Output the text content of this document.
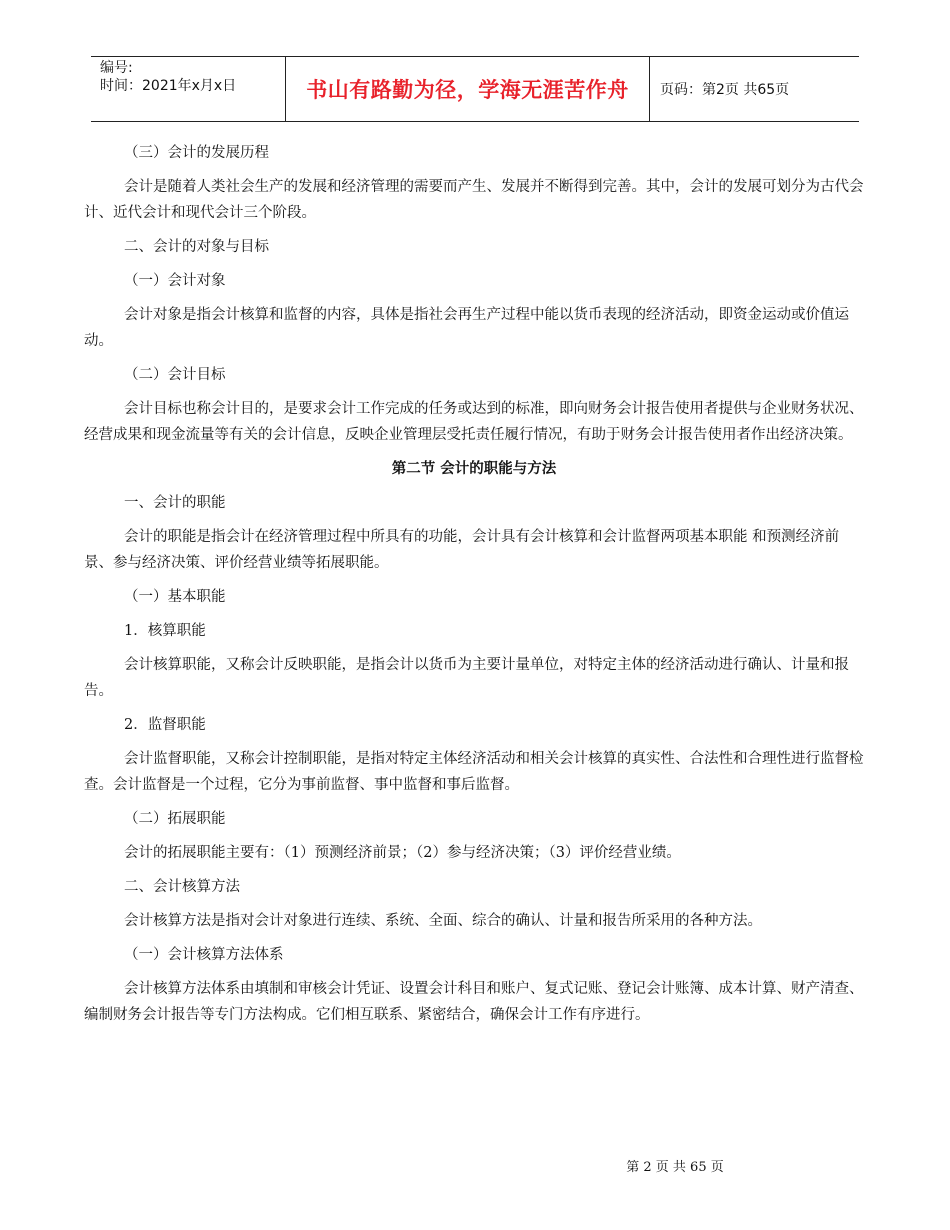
编号:
时间：2021年x月x日	书山有路勤为径，学海无涯苦作舟	页码：第2页 共65页
（三）会计的发展历程
会计是随着人类社会生产的发展和经济管理的需要而产生、发展并不断得到完善。其中，会计的发展可划分为古代会计、近代会计和现代会计三个阶段。
二、会计的对象与目标
（一）会计对象
会计对象是指会计核算和监督的内容，具体是指社会再生产过程中能以货币表现的经济活动，即资金运动或价值运动。
（二）会计目标
会计目标也称会计目的，是要求会计工作完成的任务或达到的标准，即向财务会计报告使用者提供与企业财务状况、经营成果和现金流量等有关的会计信息，反映企业管理层受托责任履行情况，有助于财务会计报告使用者作出经济决策。
第二节 会计的职能与方法
一、会计的职能
会计的职能是指会计在经济管理过程中所具有的功能，会计具有会计核算和会计监督两项基本职能 和预测经济前景、参与经济决策、评价经营业绩等拓展职能。
（一）基本职能
1．核算职能
会计核算职能，又称会计反映职能，是指会计以货币为主要计量单位，对特定主体的经济活动进行确认、计量和报告。
2．监督职能
会计监督职能，又称会计控制职能，是指对特定主体经济活动和相关会计核算的真实性、合法性和合理性进行监督检查。会计监督是一个过程，它分为事前监督、事中监督和事后监督。
（二）拓展职能
会计的拓展职能主要有：（1）预测经济前景；（2）参与经济决策；（3）评价经营业绩。
二、会计核算方法
会计核算方法是指对会计对象进行连续、系统、全面、综合的确认、计量和报告所采用的各种方法。
（一）会计核算方法体系
会计核算方法体系由填制和审核会计凭证、设置会计科目和账户、复式记账、登记会计账簿、成本计算、财产清查、编制财务会计报告等专门方法构成。它们相互联系、紧密结合，确保会计工作有序进行。
第 2 页 共 65 页
